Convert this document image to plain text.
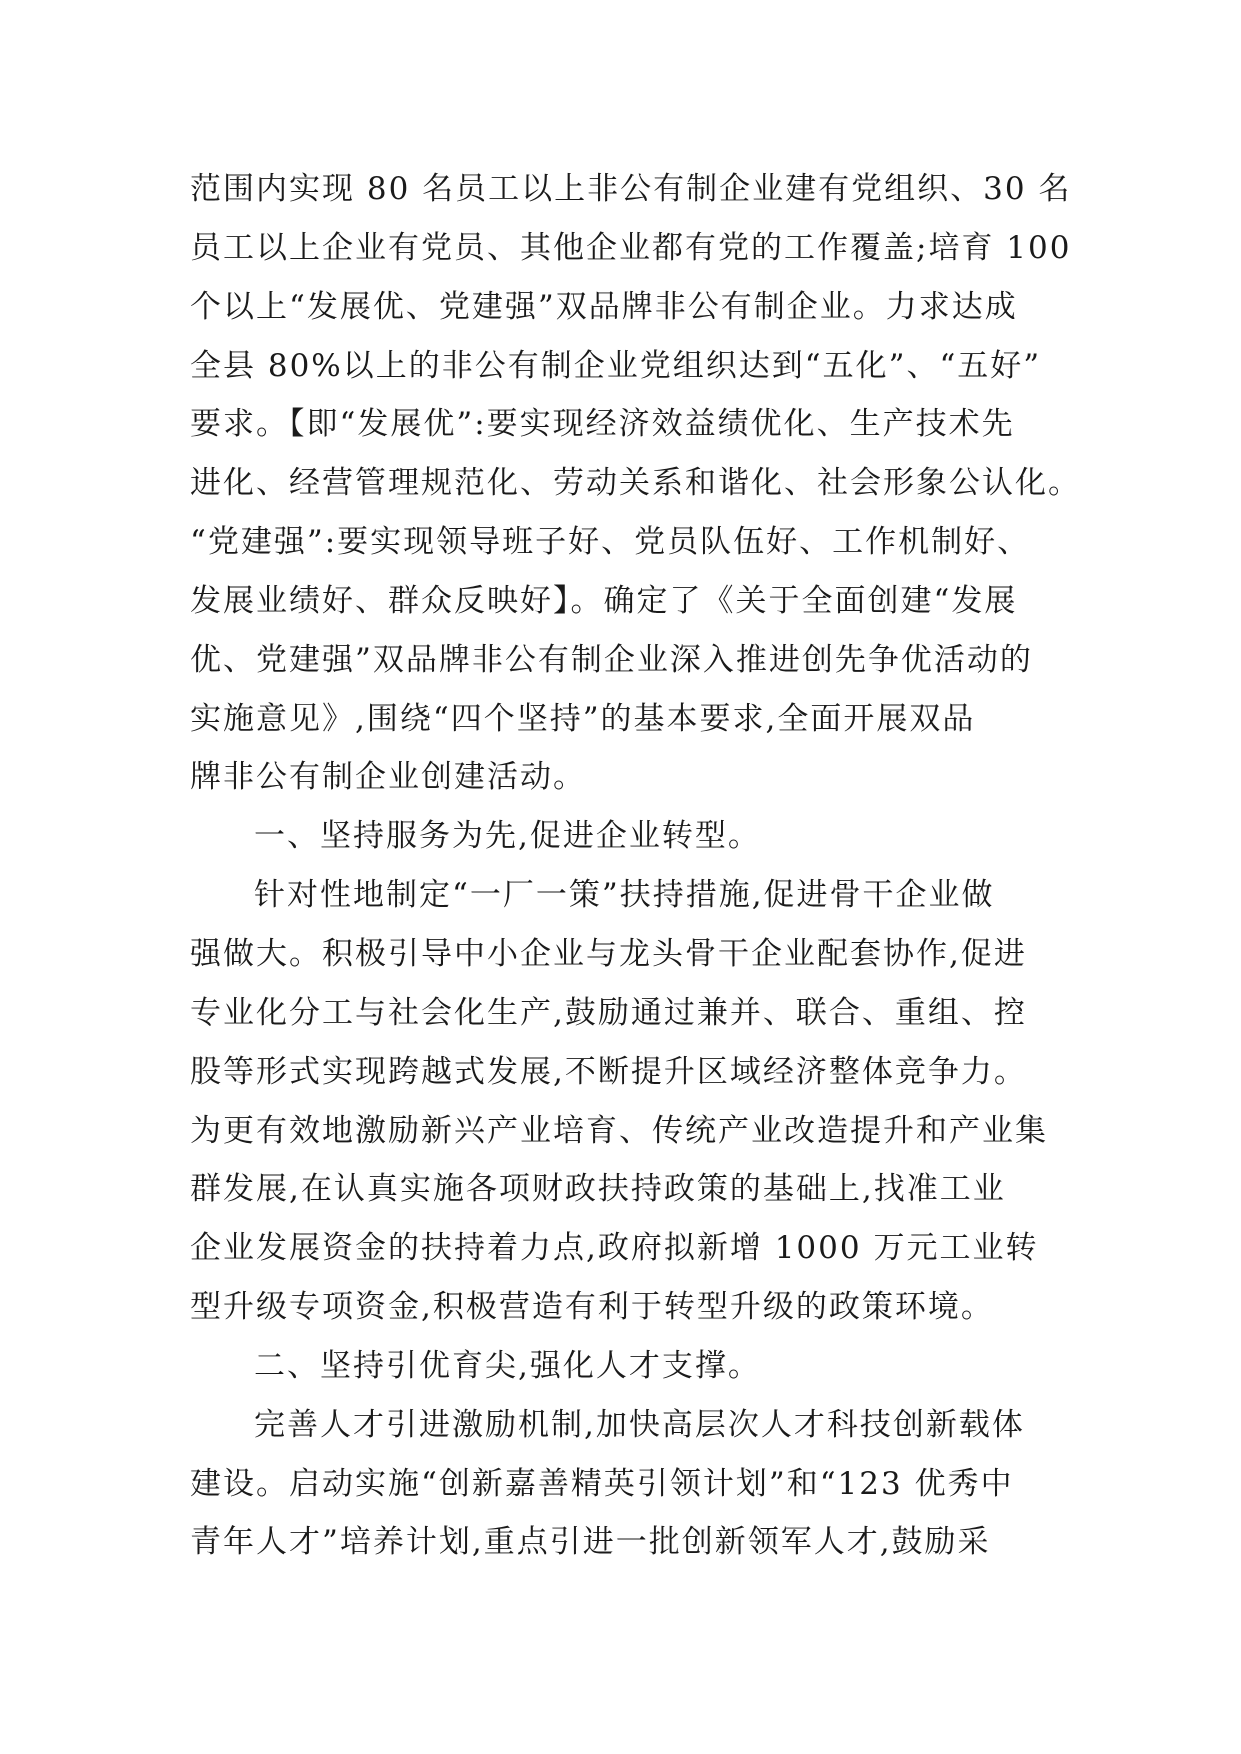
范围内实现 80 名员工以上非公有制企业建有党组织、30 名
员工以上企业有党员、其他企业都有党的工作覆盖;培育 100
个以上“发展优、党建强”双品牌非公有制企业。力求达成
全县 80%以上的非公有制企业党组织达到“五化”、“五好”
要求。【即“发展优”:要实现经济效益绩优化、生产技术先
进化、经营管理规范化、劳动关系和谐化、社会形象公认化。
“党建强”:要实现领导班子好、党员队伍好、工作机制好、
发展业绩好、群众反映好】。确定了《关于全面创建“发展
优、党建强”双品牌非公有制企业深入推进创先争优活动的
实施意见》,围绕“四个坚持”的基本要求,全面开展双品
牌非公有制企业创建活动。
一、坚持服务为先,促进企业转型。
针对性地制定“一厂一策”扶持措施,促进骨干企业做
强做大。积极引导中小企业与龙头骨干企业配套协作,促进
专业化分工与社会化生产,鼓励通过兼并、联合、重组、控
股等形式实现跨越式发展,不断提升区域经济整体竞争力。
为更有效地激励新兴产业培育、传统产业改造提升和产业集
群发展,在认真实施各项财政扶持政策的基础上,找准工业
企业发展资金的扶持着力点,政府拟新增 1000 万元工业转
型升级专项资金,积极营造有利于转型升级的政策环境。
二、坚持引优育尖,强化人才支撑。
完善人才引进激励机制,加快高层次人才科技创新载体
建设。启动实施“创新嘉善精英引领计划”和“123 优秀中
青年人才”培养计划,重点引进一批创新领军人才,鼓励采
